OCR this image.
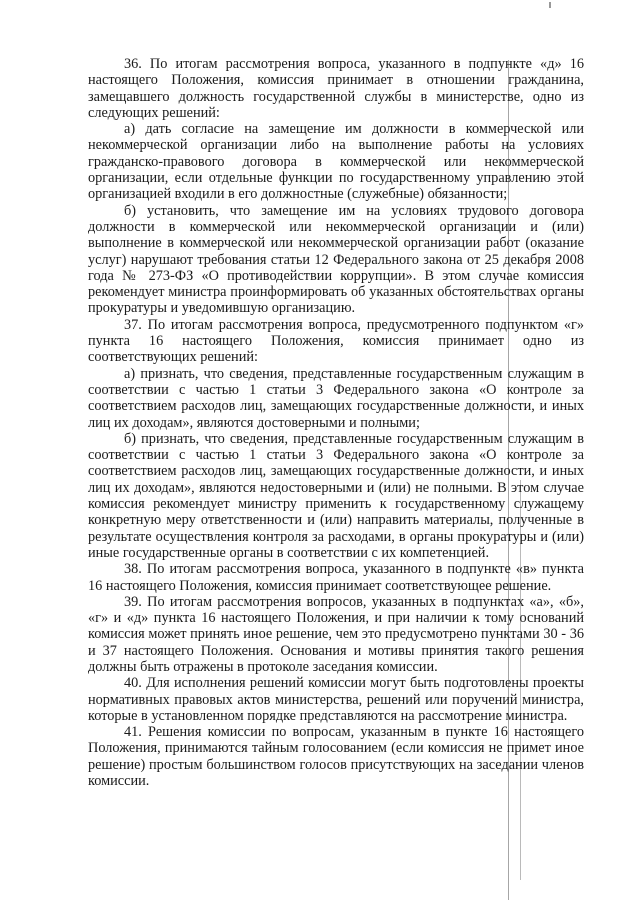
36. По итогам рассмотрения вопроса, указанного в подпункте «д» 16 настоящего Положения, комиссия принимает в отношении гражданина, замещавшего должность государственной службы в министерстве, одно из следующих решений:

а) дать согласие на замещение им должности в коммерческой или некоммерческой организации либо на выполнение работы на условиях гражданско-правового договора в коммерческой или некоммерческой организации, если отдельные функции по государственному управлению этой организацией входили в его должностные (служебные) обязанности;

б) установить, что замещение им на условиях трудового договора должности в коммерческой или некоммерческой организации и (или) выполнение в коммерческой или некоммерческой организации работ (оказание услуг) нарушают требования статьи 12 Федерального закона от 25 декабря 2008 года № 273-ФЗ «О противодействии коррупции». В этом случае комиссия рекомендует министра проинформировать об указанных обстоятельствах органы прокуратуры и уведомившую организацию.

37. По итогам рассмотрения вопроса, предусмотренного подпунктом «г» пункта 16 настоящего Положения, комиссия принимает одно из соответствующих решений:

а) признать, что сведения, представленные государственным служащим в соответствии с частью 1 статьи 3 Федерального закона «О контроле за соответствием расходов лиц, замещающих государственные должности, и иных лиц их доходам», являются достоверными и полными;

б) признать, что сведения, представленные государственным служащим в соответствии с частью 1 статьи 3 Федерального закона «О контроле за соответствием расходов лиц, замещающих государственные должности, и иных лиц их доходам», являются недостоверными и (или) не полными. В этом случае комиссия рекомендует министру применить к государственному служащему конкретную меру ответственности и (или) направить материалы, полученные в результате осуществления контроля за расходами, в органы прокуратуры и (или) иные государственные органы в соответствии с их компетенцией.

38. По итогам рассмотрения вопроса, указанного в подпункте «в» пункта 16 настоящего Положения, комиссия принимает соответствующее решение.

39. По итогам рассмотрения вопросов, указанных в подпунктах «а», «б», «г» и «д» пункта 16 настоящего Положения, и при наличии к тому оснований комиссия может принять иное решение, чем это предусмотрено пунктами 30 - 36 и 37 настоящего Положения. Основания и мотивы принятия такого решения должны быть отражены в протоколе заседания комиссии.

40. Для исполнения решений комиссии могут быть подготовлены проекты нормативных правовых актов министерства, решений или поручений министра, которые в установленном порядке представляются на рассмотрение министра.

41. Решения комиссии по вопросам, указанным в пункте 16 настоящего Положения, принимаются тайным голосованием (если комиссия не примет иное решение) простым большинством голосов присутствующих на заседании членов комиссии.
